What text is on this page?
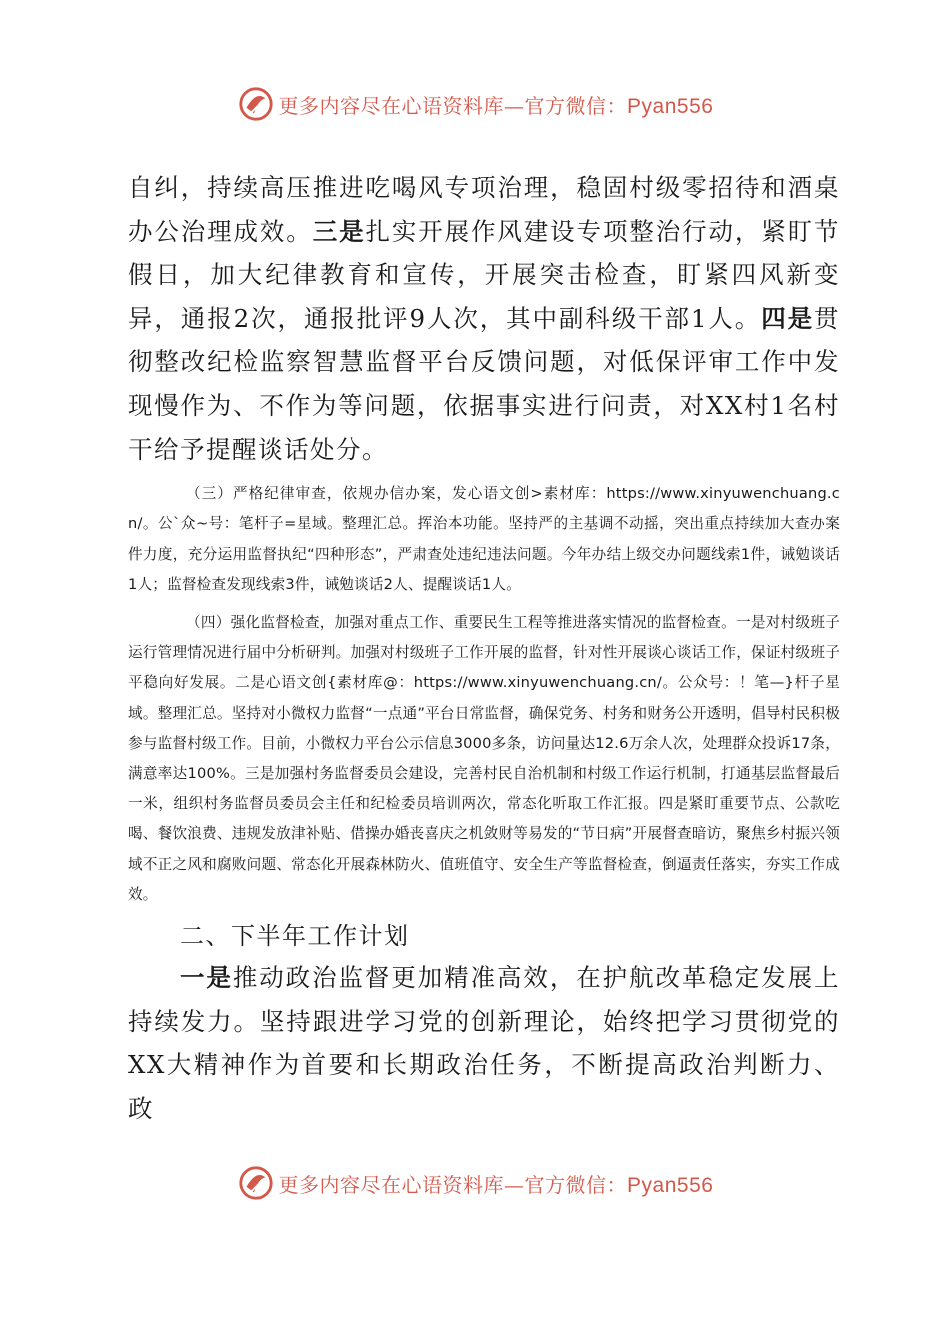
更多内容尽在心语资料库—官方微信：Pyan556

自纠，持续高压推进吃喝风专项治理，稳固村级零招待和酒桌办公治理成效。三是扎实开展作风建设专项整治行动，紧盯节假日，加大纪律教育和宣传，开展突击检查，盯紧四风新变异，通报2次，通报批评9人次，其中副科级干部1人。四是贯彻整改纪检监察智慧监督平台反馈问题，对低保评审工作中发现慢作为、不作为等问题，依据事实进行问责，对XX村1名村干给予提醒谈话处分。

（三）严格纪律审查，依规办信办案，发心语文创>素材库：https://www.xinyuwenchuang.cn/。公`众~号：笔杆子=星域。整理汇总。挥治本功能。坚持严的主基调不动摇，突出重点持续加大查办案件力度，充分运用监督执纪“四种形态”，严肃查处违纪违法问题。今年办结上级交办问题线索1件，诫勉谈话1人；监督检查发现线索3件，诫勉谈话2人、提醒谈话1人。

（四）强化监督检查，加强对重点工作、重要民生工程等推进落实情况的监督检查。一是对村级班子运行管理情况进行届中分析研判。加强对村级班子工作开展的监督，针对性开展谈心谈话工作，保证村级班子平稳向好发展。二是心语文创{素材库@：https://www.xinyuwenchuang.cn/。公众号：！笔—}杆子星域。整理汇总。坚持对小微权力监督“一点通”平台日常监督，确保党务、村务和财务公开透明，倡导村民积极参与监督村级工作。目前，小微权力平台公示信息3000多条，访问量达12.6万余人次，处理群众投诉17条，满意率达100%。三是加强村务监督委员会建设，完善村民自治机制和村级工作运行机制，打通基层监督最后一米，组织村务监督员委员会主任和纪检委员培训两次，常态化听取工作汇报。四是紧盯重要节点、公款吃喝、餐饮浪费、违规发放津补贴、借操办婚丧喜庆之机敛财等易发的“节日病”开展督查暗访，聚焦乡村振兴领域不正之风和腐败问题、常态化开展森林防火、值班值守、安全生产等监督检查，倒逼责任落实，夯实工作成效。

二、下半年工作计划

一是推动政治监督更加精准高效，在护航改革稳定发展上持续发力。坚持跟进学习党的创新理论，始终把学习贯彻党的XX大精神作为首要和长期政治任务，不断提高政治判断力、政

更多内容尽在心语资料库—官方微信：Pyan556
